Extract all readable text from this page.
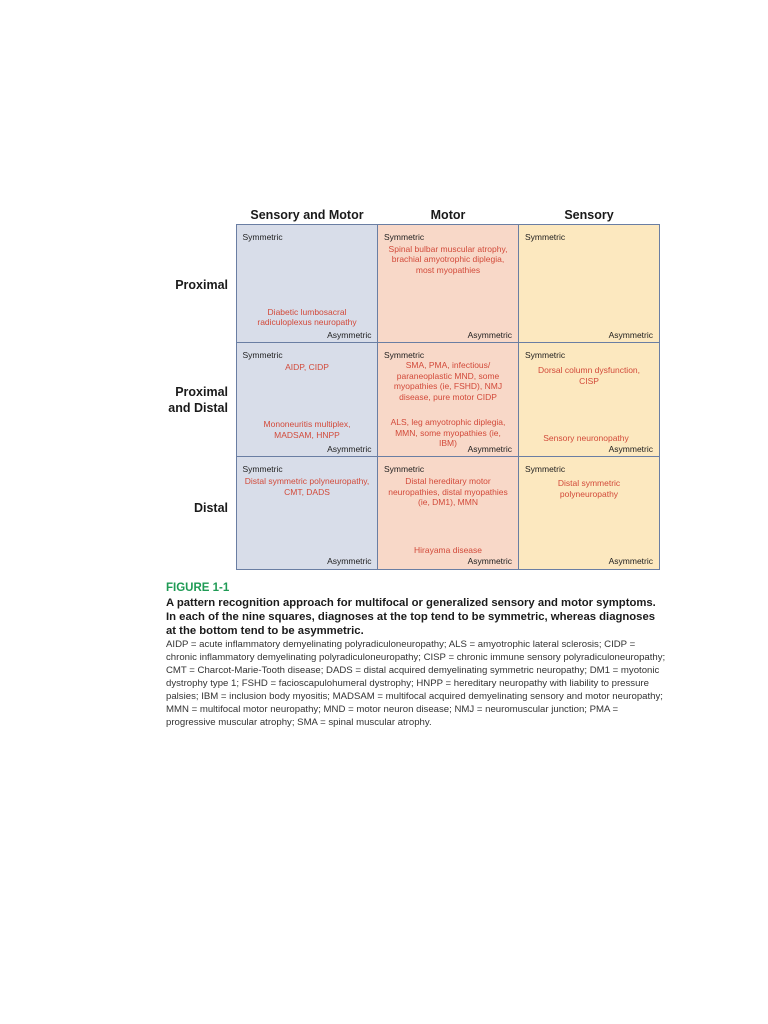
Sensory and Motor	Motor	Sensory
Proximal
Proximal and Distal
Distal
Symmetric
Diabetic lumbosacral radiculoplexus neuropathy
Asymmetric
Symmetric
Spinal bulbar muscular atrophy, brachial amyotrophic diplegia, most myopathies
Asymmetric
Symmetric
Asymmetric
Symmetric
AIDP, CIDP
Mononeuritis multiplex, MADSAM, HNPP
Asymmetric
Symmetric
SMA, PMA, infectious/ paraneoplastic MND, some myopathies (ie, FSHD), NMJ disease, pure motor CIDP
ALS, leg amyotrophic diplegia, MMN, some myopathies (ie, IBM)
Asymmetric
Symmetric
Dorsal column dysfunction, CISP
Sensory neuronopathy
Asymmetric
Symmetric
Distal symmetric polyneuropathy, CMT, DADS
Asymmetric
Symmetric
Distal hereditary motor neuropathies, distal myopathies (ie, DM1), MMN
Hirayama disease
Asymmetric
Symmetric
Distal symmetric polyneuropathy
Asymmetric
FIGURE 1-1
A pattern recognition approach for multifocal or generalized sensory and motor symptoms. In each of the nine squares, diagnoses at the top tend to be symmetric, whereas diagnoses at the bottom tend to be asymmetric.
AIDP = acute inflammatory demyelinating polyradiculoneuropathy; ALS = amyotrophic lateral sclerosis; CIDP = chronic inflammatory demyelinating polyradiculoneuropathy; CISP = chronic immune sensory polyradiculoneuropathy; CMT = Charcot-Marie-Tooth disease; DADS = distal acquired demyelinating symmetric neuropathy; DM1 = myotonic dystrophy type 1; FSHD = facioscapulohumeral dystrophy; HNPP = hereditary neuropathy with liability to pressure palsies; IBM = inclusion body myositis; MADSAM = multifocal acquired demyelinating sensory and motor neuropathy; MMN = multifocal motor neuropathy; MND = motor neuron disease; NMJ = neuromuscular junction; PMA = progressive muscular atrophy; SMA = spinal muscular atrophy.
